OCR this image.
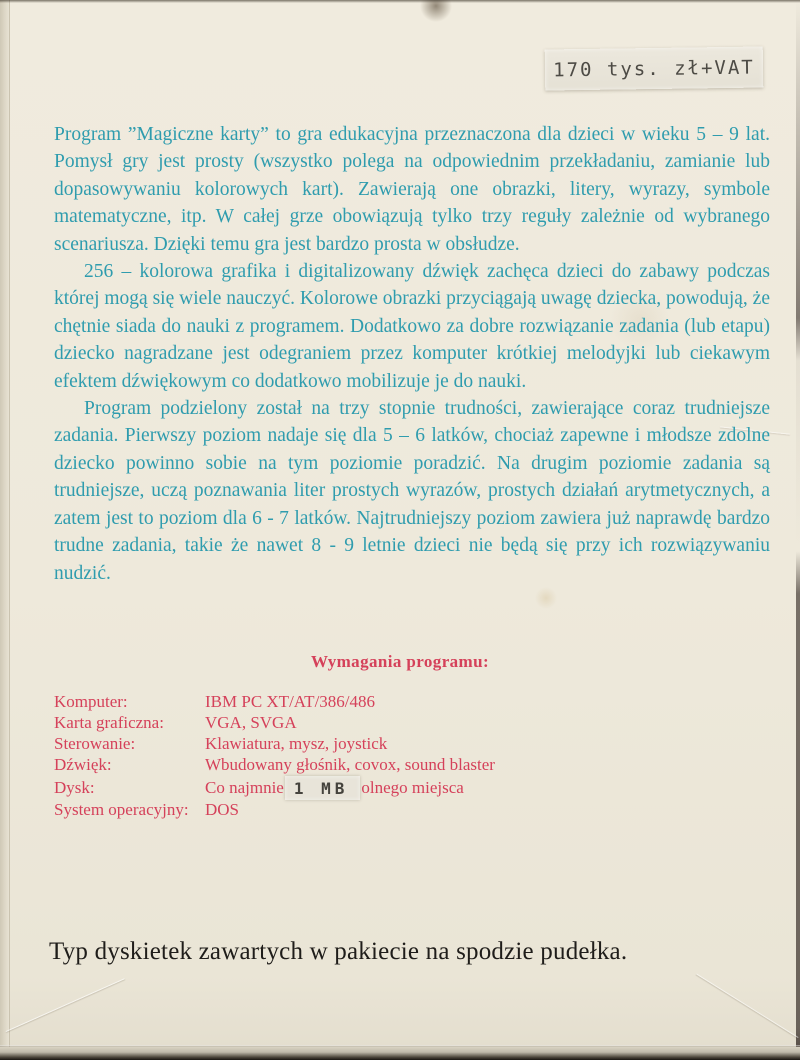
170 tys. zł+VAT

Program ”Magiczne karty” to gra edukacyjna przeznaczona dla dzieci w wieku 5 – 9 lat. Pomysł gry jest prosty (wszystko polega na odpowiednim przekładaniu, zamianie lub dopasowywaniu kolorowych kart). Zawierają one obrazki, litery, wyrazy, symbole matematyczne, itp. W całej grze obowiązują tylko trzy reguły zależnie od wybranego scenariusza. Dzięki temu gra jest bardzo prosta w obsłudze.

256 – kolorowa grafika i digitalizowany dźwięk zachęca dzieci do zabawy podczas której mogą się wiele nauczyć. Kolorowe obrazki przyciągają uwagę dziecka, powodują, że chętnie siada do nauki z programem. Dodatkowo za dobre rozwiązanie zadania (lub etapu) dziecko nagradzane jest odegraniem przez komputer krótkiej melodyjki lub ciekawym efektem dźwiękowym co dodatkowo mobilizuje je do nauki.

Program podzielony został na trzy stopnie trudności, zawierające coraz trudniejsze zadania. Pierwszy poziom nadaje się dla 5 – 6 latków, chociaż zapewne i młodsze zdolne dziecko powinno sobie na tym poziomie poradzić. Na drugim poziomie zadania są trudniejsze, uczą poznawania liter prostych wyrazów, prostych działań arytmetycznych, a zatem jest to poziom dla 6 - 7 latków. Najtrudniejszy poziom zawiera już naprawdę bardzo trudne zadania, takie że nawet 8 - 9 letnie dzieci nie będą się przy ich rozwiązywaniu nudzić.

Wymagania programu:
Komputer:	IBM PC XT/AT/386/486
Karta graficzna:	VGA, SVGA
Sterowanie:	Klawiatura, mysz, joystick
Dźwięk:	Wbudowany głośnik, covox, sound blaster
Dysk:	Co najmnie 1 MB olnego miejsca
System operacyjny: DOS
Typ dyskietek zawartych w pakiecie na spodzie pudełka.
